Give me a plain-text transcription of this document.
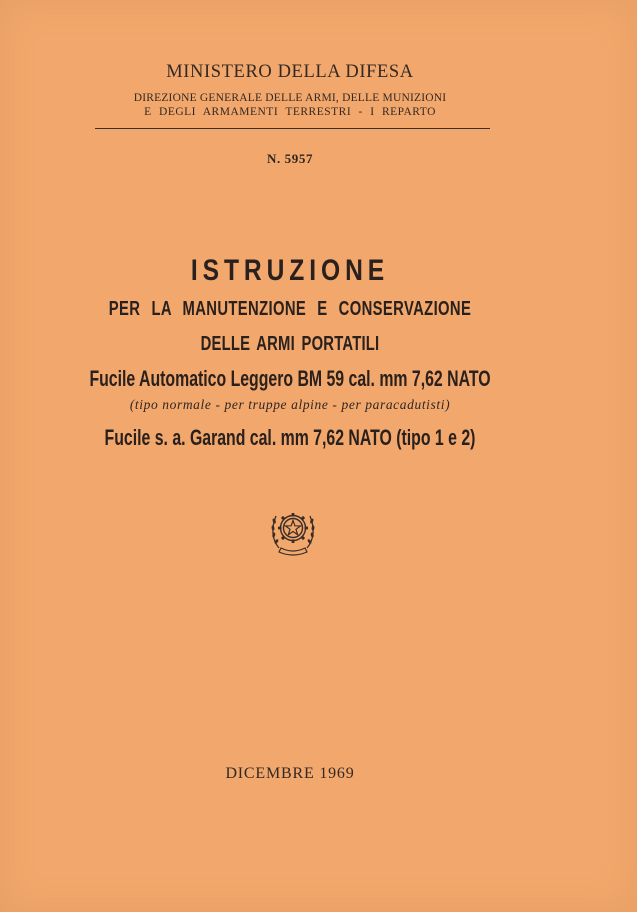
MINISTERO DELLA DIFESA
DIREZIONE GENERALE DELLE ARMI, DELLE MUNIZIONI
E DEGLI ARMAMENTI TERRESTRI - I REPARTO
N. 5957
ISTRUZIONE
PER LA MANUTENZIONE E CONSERVAZIONE
DELLE ARMI PORTATILI
Fucile Automatico Leggero BM 59 cal. mm 7,62 NATO
(tipo normale - per truppe alpine - per paracadutisti)
Fucile s. a. Garand cal. mm 7,62 NATO (tipo 1 e 2)
DICEMBRE 1969
